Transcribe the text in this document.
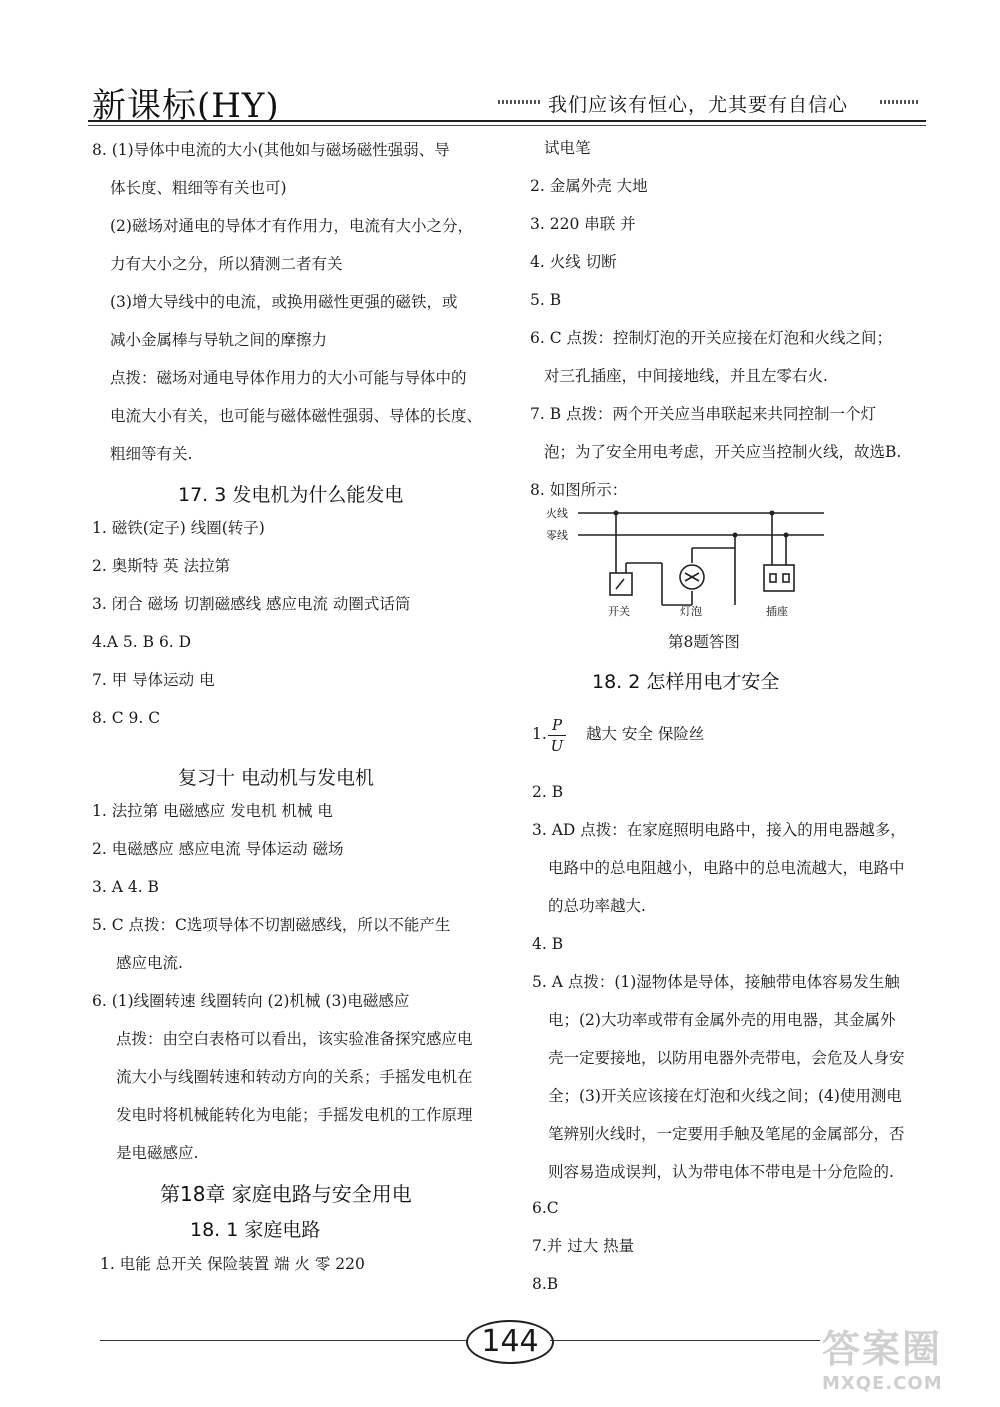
新课标(HY)	我们应该有恒心，尤其要有自信心
8. (1)导体中电流的大小(其他如与磁场磁性强弱、导
体长度、粗细等有关也可)
(2)磁场对通电的导体才有作用力，电流有大小之分，
力有大小之分，所以猜测二者有关
(3)增大导线中的电流，或换用磁性更强的磁铁，或
减小金属棒与导轨之间的摩擦力
点拨：磁场对通电导体作用力的大小可能与导体中的
电流大小有关，也可能与磁体磁性强弱、导体的长度、
粗细等有关.
17. 3 发电机为什么能发电
1. 磁铁(定子) 线圈(转子)
2. 奥斯特 英 法拉第
3. 闭合 磁场 切割磁感线 感应电流 动圈式话筒
4.A 5. B 6. D
7. 甲 导体运动 电
8. C 9. C
复习十 电动机与发电机
1. 法拉第 电磁感应 发电机 机械 电
2. 电磁感应 感应电流 导体运动 磁场
3. A 4. B
5. C 点拨：C选项导体不切割磁感线，所以不能产生
感应电流.
6. (1)线圈转速 线圈转向 (2)机械 (3)电磁感应
点拨：由空白表格可以看出，该实验准备探究感应电
流大小与线圈转速和转动方向的关系；手摇发电机在
发电时将机械能转化为电能；手摇发电机的工作原理
是电磁感应.
第18章 家庭电路与安全用电
18. 1 家庭电路
1. 电能 总开关 保险装置 端 火 零 220
试电笔
2. 金属外壳 大地
3. 220 串联 并
4. 火线 切断
5. B
6. C 点拨：控制灯泡的开关应接在灯泡和火线之间；
对三孔插座，中间接地线，并且左零右火.
7. B 点拨：两个开关应当串联起来共同控制一个灯
泡；为了安全用电考虑，开关应当控制火线，故选B.
8. 如图所示：
火线
零线
开关	灯泡	插座
第8题答图
18. 2 怎样用电才安全
1. P
U
越大 安全 保险丝
2. B
3. AD 点拨：在家庭照明电路中，接入的用电器越多，
电路中的总电阻越小，电路中的总电流越大，电路中
的总功率越大.
4. B
5. A 点拨：(1)湿物体是导体，接触带电体容易发生触
电；(2)大功率或带有金属外壳的用电器，其金属外
壳一定要接地，以防用电器外壳带电，会危及人身安
全；(3)开关应该接在灯泡和火线之间；(4)使用测电
笔辨别火线时，一定要用手触及笔尾的金属部分，否
则容易造成误判，认为带电体不带电是十分危险的.
6.C
7.并 过大 热量
8.B
144	答案圈
MXQE.COM
